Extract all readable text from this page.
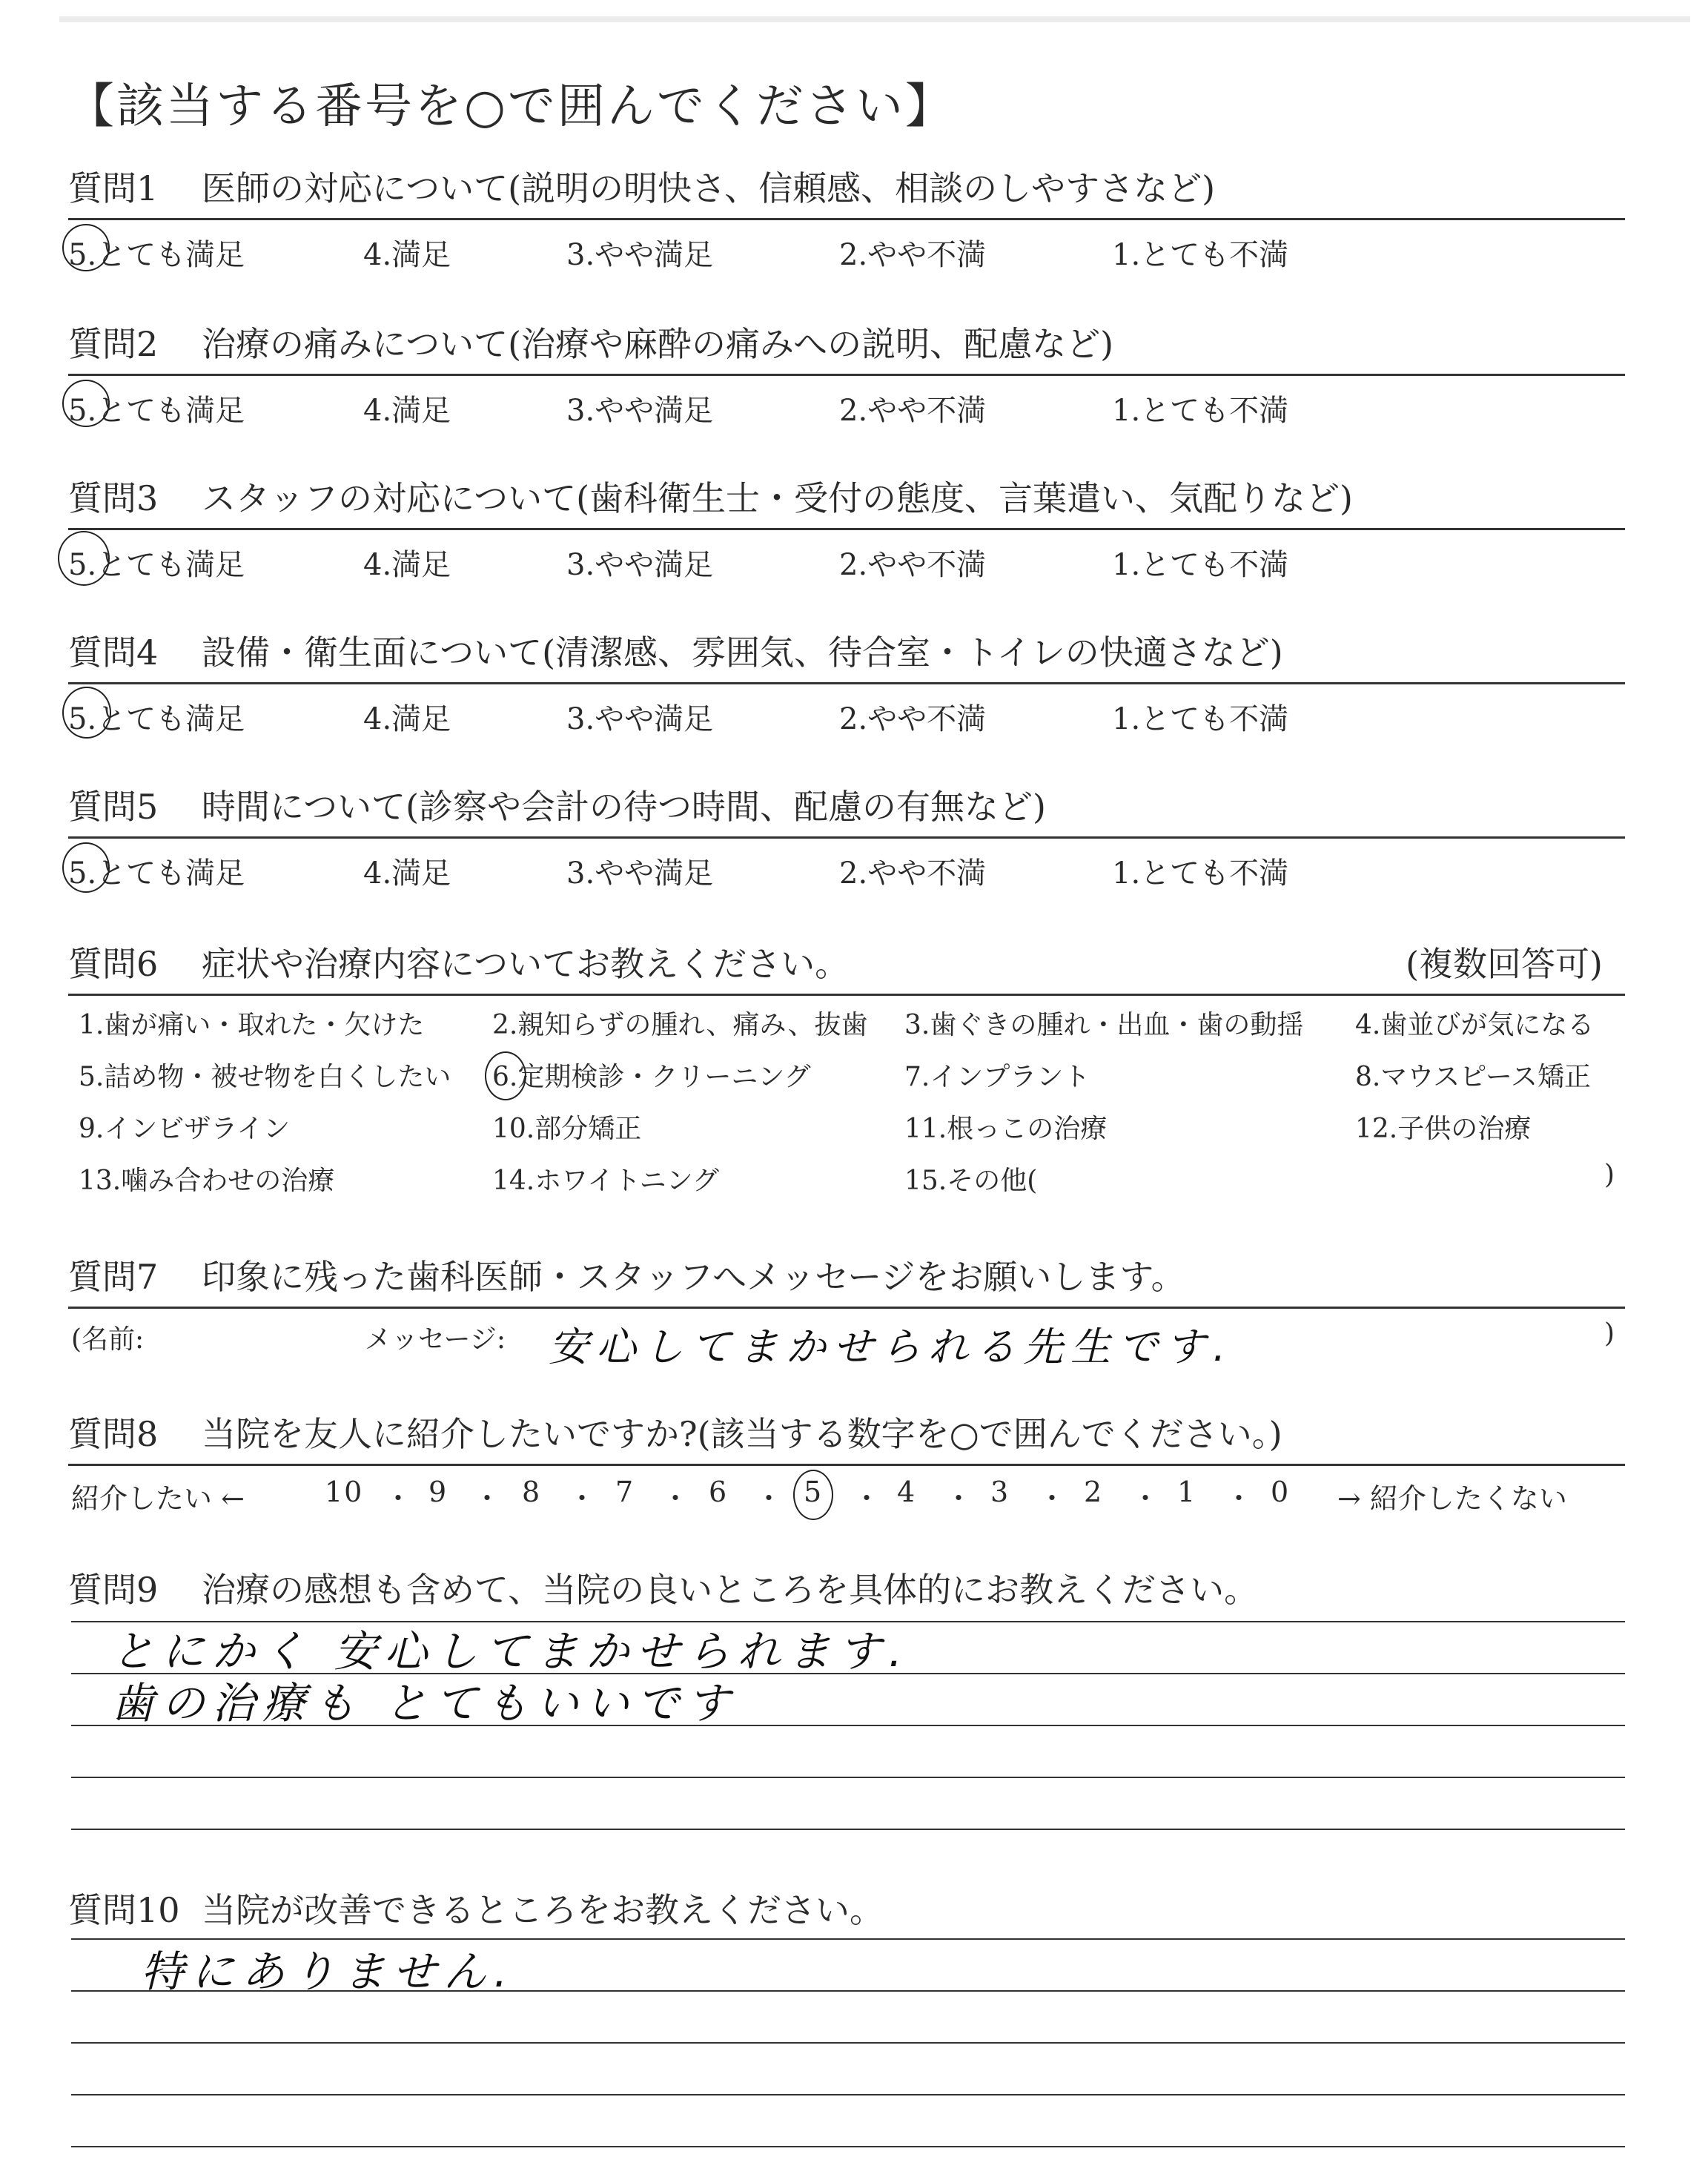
【該当する番号を○で囲んでください】
質問1 医師の対応について(説明の明快さ、信頼感、相談のしやすさなど)
5.とても満足	4.満足	3.やや満足	2.やや不満	1.とても不満
質問2 治療の痛みについて(治療や麻酔の痛みへの説明、配慮など)
5.とても満足	4.満足	3.やや満足	2.やや不満	1.とても不満
質問3 スタッフの対応について(歯科衛生士・受付の態度、言葉遣い、気配りなど)
5.とても満足	4.満足	3.やや満足	2.やや不満	1.とても不満
質問4 設備・衛生面について(清潔感、雰囲気、待合室・トイレの快適さなど)
5.とても満足	4.満足	3.やや満足	2.やや不満	1.とても不満
質問5 時間について(診察や会計の待つ時間、配慮の有無など)
5.とても満足	4.満足	3.やや満足	2.やや不満	1.とても不満
質問6 症状や治療内容についてお教えください。	(複数回答可)
1.歯が痛い・取れた・欠けた	2.親知らずの腫れ、痛み、抜歯 3.歯ぐきの腫れ・出血・歯の動揺 4.歯並びが気になる
5.詰め物・被せ物を白くしたい 6.定期検診・クリーニング	7.インプラント	8.マウスピース矯正
9.インビザライン	10.部分矯正	11.根っこの治療	12.子供の治療
13.噛み合わせの治療	14.ホワイトニング	15.その他(	)
質問7 印象に残った歯科医師・スタッフへメッセージをお願いします。
(名前:	メッセージ:	)
安心してまかせられる先生です.
質問8 当院を友人に紹介したいですか?(該当する数字を○で囲んでください。)
紹介したい ←	10 ・ 9 ・ 8 ・ 7 ・ 6 ・ 5 ・ 4 ・ 3 ・ 2 ・ 1 ・ 0 → 紹介したくない
質問9 治療の感想も含めて、当院の良いところを具体的にお教えください。
とにかく 安心してまかせられます.
歯の治療も とてもいいです
質問10 当院が改善できるところをお教えください。
特にありません.
